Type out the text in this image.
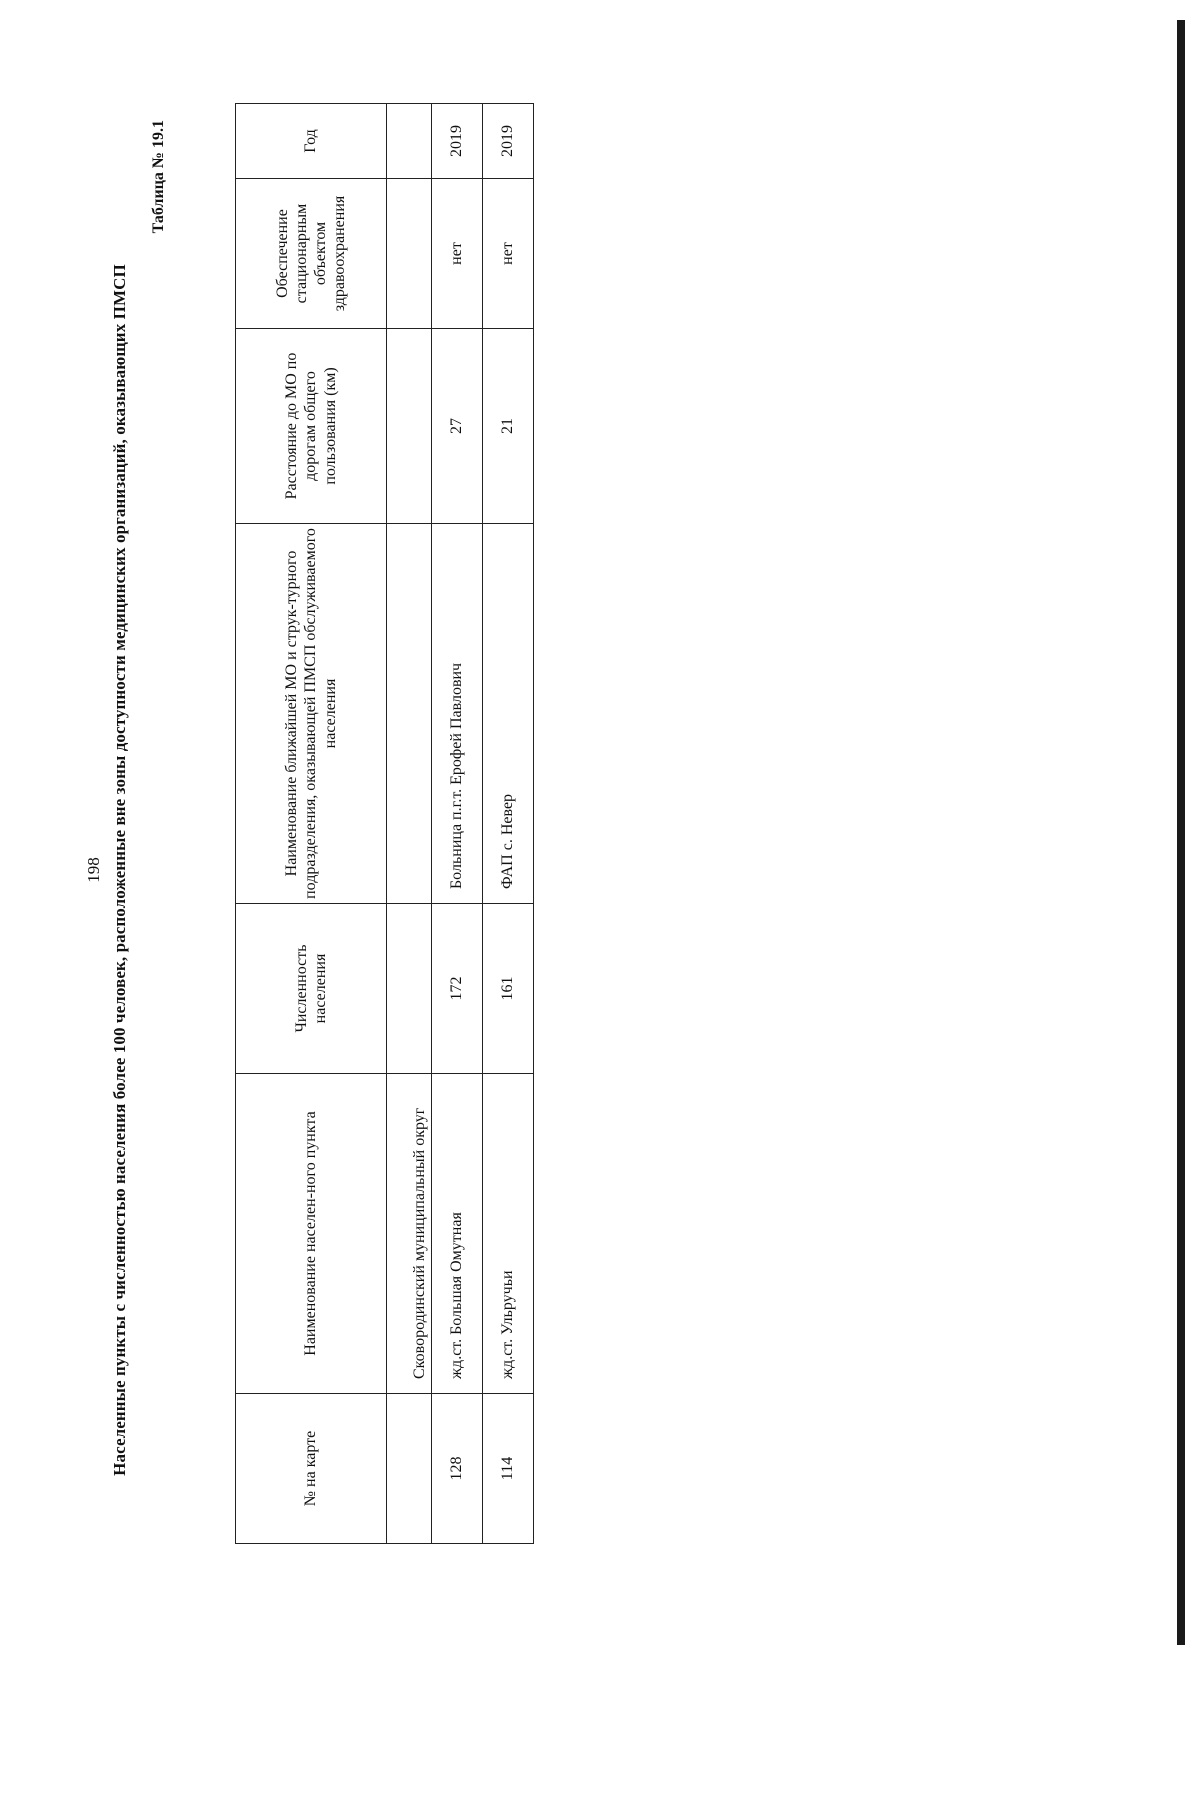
198 Населенные пункты с численностью населения более 100 человек, расположенные вне зоны доступности медицинских организаций, оказывающих ПМСП
Таблица № 19.1
№ на карте	Наименование населен-ного пункта	Численность населения	Наименование ближайшей МО и струк-турного подразделения, оказывающей ПМСП обслуживаемого населения	Расстояние до МО по дорогам общего пользования (км)	Обеспечение стационарным объектом здравоохранения	Год
	Сковородинский муниципальный округ					
128	жд.ст. Большая Омутная	172	Больница п.г.т. Ерофей Павлович	27	нет	2019
114	жд.ст. Ульручьи	161	ФАП с. Невер	21	нет	2019
